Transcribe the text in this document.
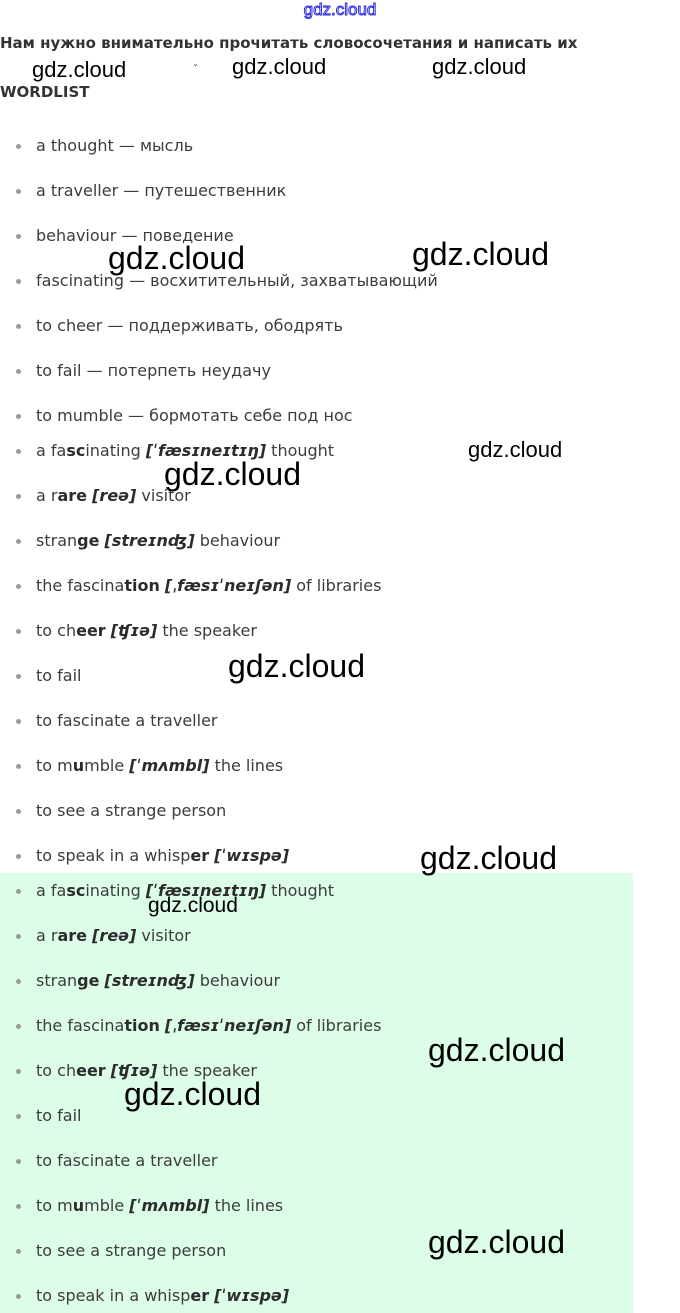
gdz.cloud
Нам нужно внимательно прочитать словосочетания и написать их
ˇ
WORDLIST
a thought — мысль
a traveller — путешественник
behaviour — поведение
fascinating — восхитительный, захватывающий
to cheer — поддерживать, ободрять
to fail — потерпеть неудачу
to mumble — бормотать себе под нос
a fascinating [ˈfæsɪneɪtɪŋ] thought
a rare [reə] visitor
strange [streɪnʤ] behaviour
the fascination [ˌfæsɪˈneɪʃən] of libraries
to cheer [ʧɪə] the speaker
to fail
to fascinate a traveller
to mumble [ˈmʌmbl] the lines
to see a strange person
to speak in a whisper [ˈwɪspə]
a fascinating [ˈfæsɪneɪtɪŋ] thought
a rare [reə] visitor
strange [streɪnʤ] behaviour
the fascination [ˌfæsɪˈneɪʃən] of libraries
to cheer [ʧɪə] the speaker
to fail
to fascinate a traveller
to mumble [ˈmʌmbl] the lines
to see a strange person
to speak in a whisper [ˈwɪspə]
gdz.cloud	gdz.cloud	gdz.cloud
gdz.cloud	gdz.cloud
gdz.cloud
gdz.cloud
gdz.cloud
gdz.cloud
gdz.cloud
gdz.cloud
gdz.cloud
gdz.cloud
